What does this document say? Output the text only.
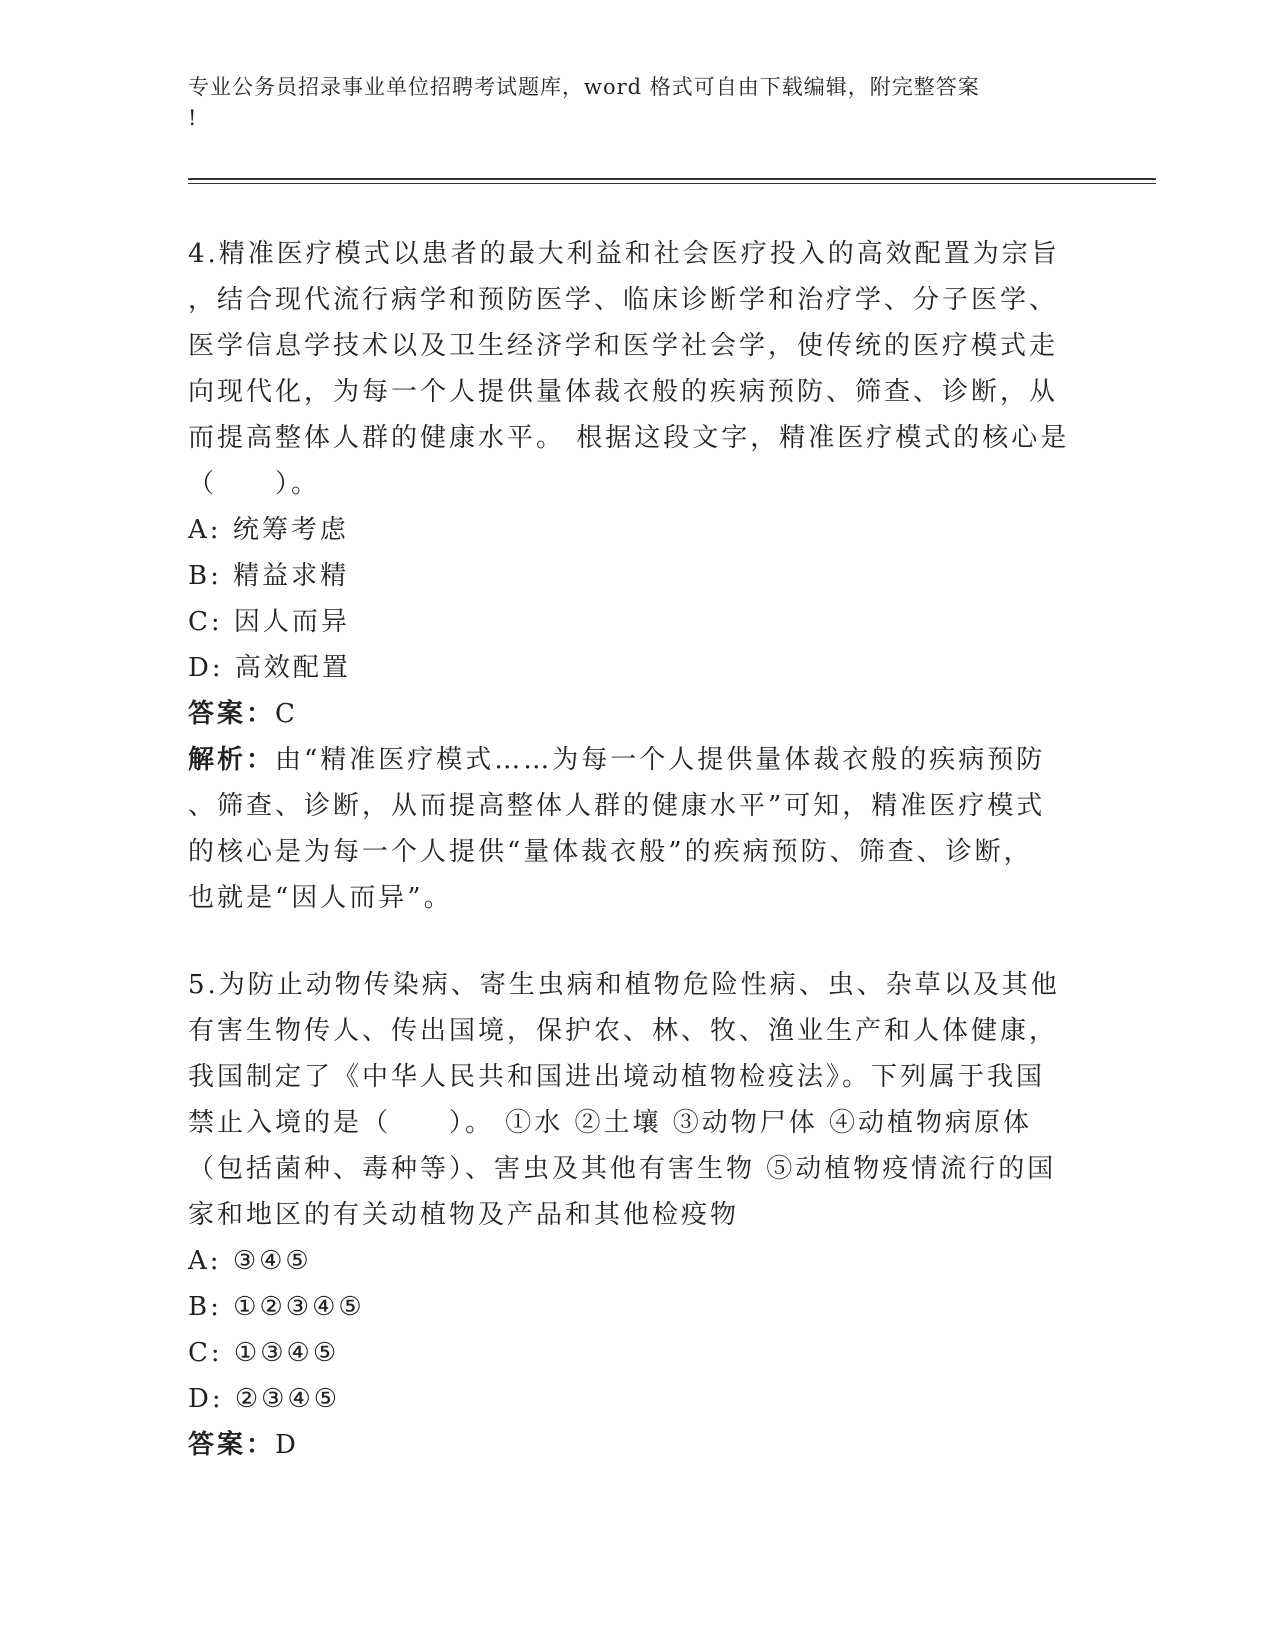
专业公务员招录事业单位招聘考试题库，word 格式可自由下载编辑，附完整答案
!
4.精准医疗模式以患者的最大利益和社会医疗投入的高效配置为宗旨
，结合现代流行病学和预防医学、临床诊断学和治疗学、分子医学、
医学信息学技术以及卫生经济学和医学社会学，使传统的医疗模式走
向现代化，为每一个人提供量体裁衣般的疾病预防、筛查、诊断，从
而提高整体人群的健康水平。 根据这段文字，精准医疗模式的核心是
（　　）。
A: 统筹考虑
B: 精益求精
C: 因人而异
D: 高效配置
答案：C
解析：由“精准医疗模式……为每一个人提供量体裁衣般的疾病预防
、筛查、诊断，从而提高整体人群的健康水平”可知，精准医疗模式
的核心是为每一个人提供“量体裁衣般”的疾病预防、筛查、诊断，
也就是“因人而异”。
5.为防止动物传染病、寄生虫病和植物危险性病、虫、杂草以及其他
有害生物传人、传出国境，保护农、林、牧、渔业生产和人体健康，
我国制定了《中华人民共和国进出境动植物检疫法》。下列属于我国
禁止入境的是（　　）。 ①水 ②土壤 ③动物尸体 ④动植物病原体
（包括菌种、毒种等）、害虫及其他有害生物 ⑤动植物疫情流行的国
家和地区的有关动植物及产品和其他检疫物
A: ③④⑤
B: ①②③④⑤
C: ①③④⑤
D: ②③④⑤
答案：D
